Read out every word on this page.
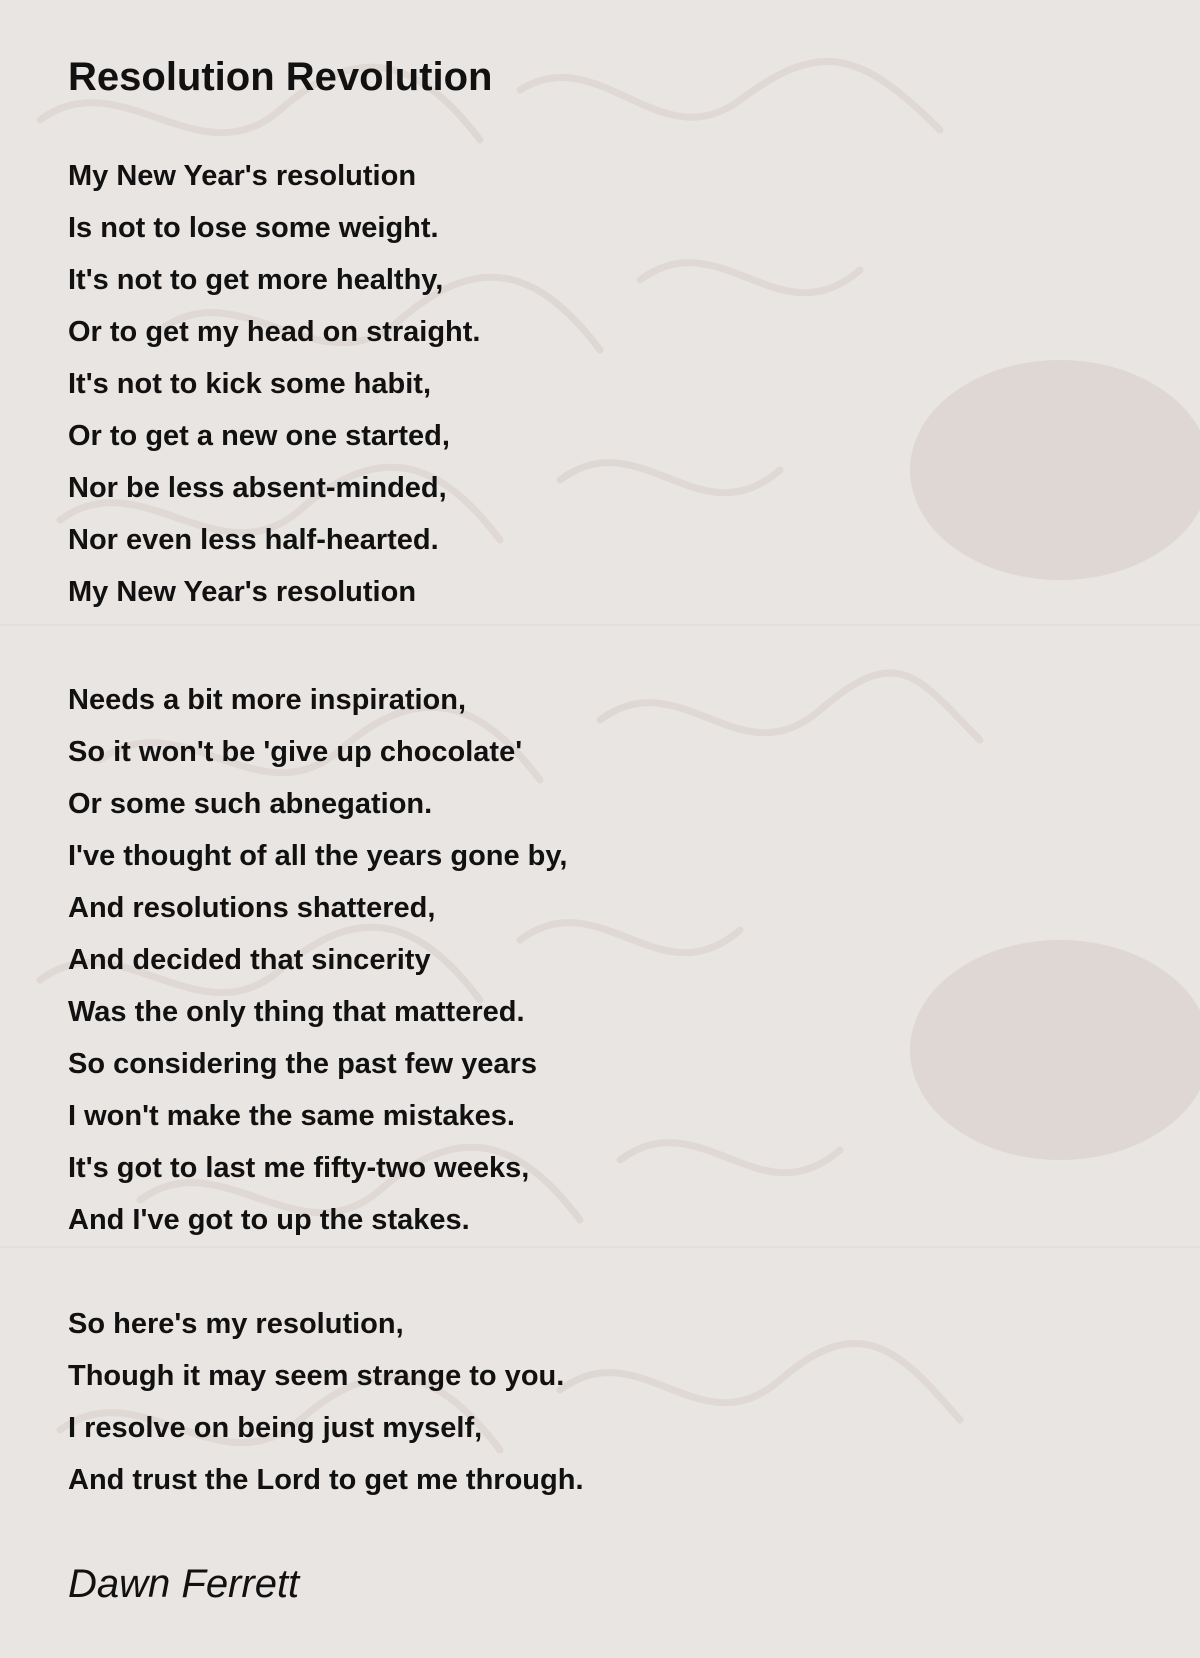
Resolution Revolution
My New Year's resolution
Is not to lose some weight.
It's not to get more healthy,
Or to get my head on straight.
It's not to kick some habit,
Or to get a new one started,
Nor be less absent-minded,
Nor even less half-hearted.
My New Year's resolution
Needs a bit more inspiration,
So it won't be 'give up chocolate'
Or some such abnegation.
I've thought of all the years gone by,
And resolutions shattered,
And decided that sincerity
Was the only thing that mattered.
So considering the past few years
I won't make the same mistakes.
It's got to last me fifty-two weeks,
And I've got to up the stakes.
So here's my resolution,
Though it may seem strange to you.
I resolve on being just myself,
And trust the Lord to get me through.

Dawn Ferrett
